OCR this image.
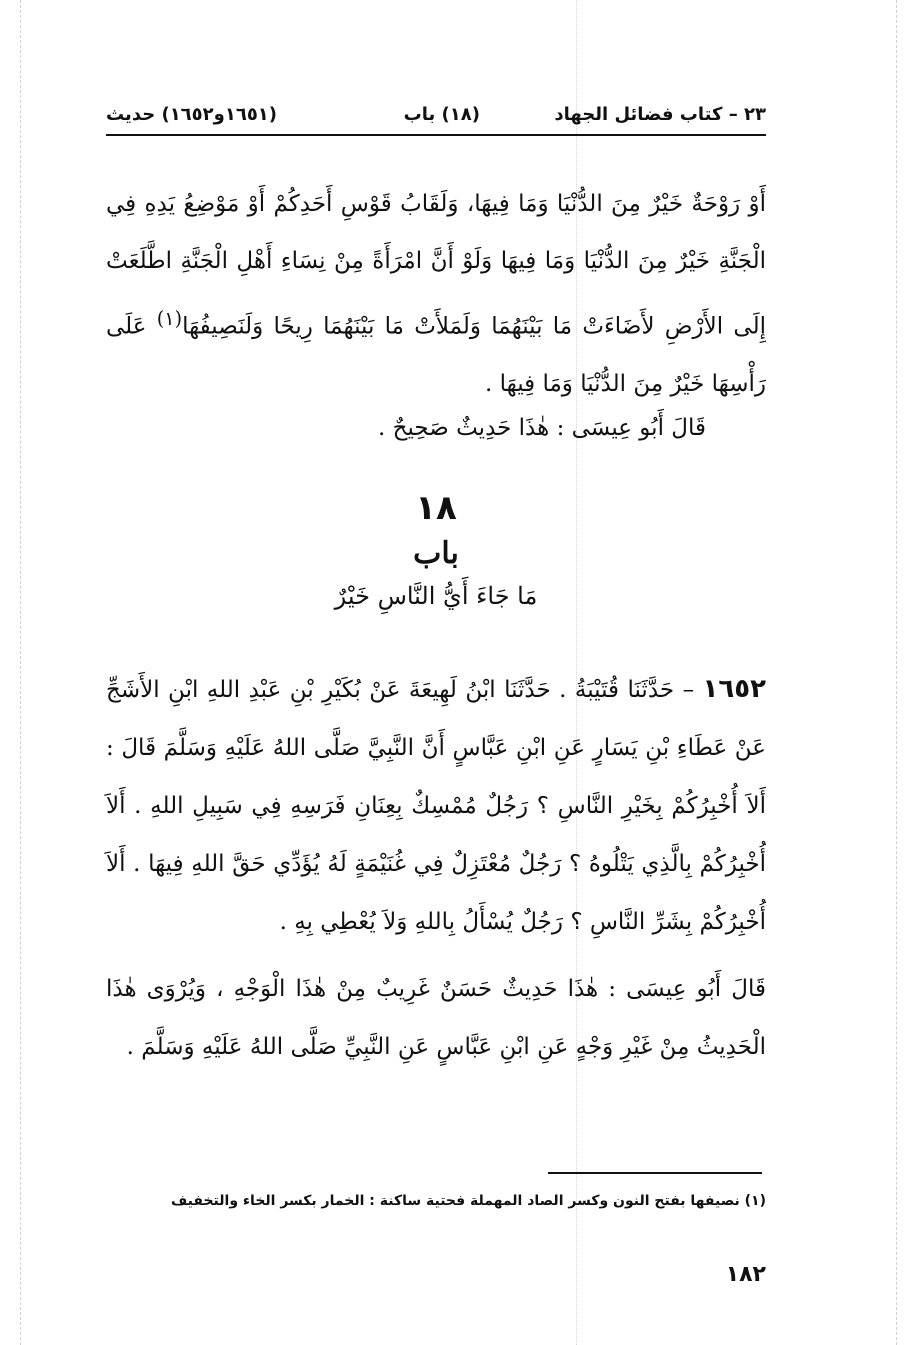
٢٣ – كتاب فضائل الجهاد
(١٨) باب
(١٦٥١و١٦٥٢) حديث
أَوْ رَوْحَةٌ خَيْرٌ مِنَ الدُّنْيَا وَمَا فِيهَا، وَلَقَابُ قَوْسِ أَحَدِكُمْ أَوْ مَوْضِعُ يَدِهِ فِي الْجَنَّةِ خَيْرٌ مِنَ الدُّنْيَا وَمَا فِيهَا وَلَوْ أَنَّ امْرَأَةً مِنْ نِسَاءِ أَهْلِ الْجَنَّةِ اطَّلَعَتْ إِلَى الأَرْضِ لأَضَاءَتْ مَا بَيْنَهُمَا وَلَمَلأَتْ مَا بَيْنَهُمَا رِيحًا وَلَنَصِيفُهَا$^{(١)}$ عَلَى رَأْسِهَا خَيْرٌ مِنَ الدُّنْيَا وَمَا فِيهَا .
قَالَ أَبُو عِيسَى : هٰذَا حَدِيثٌ صَحِيحٌ .
١٨
باب
مَا جَاءَ أَيُّ النَّاسِ خَيْرٌ
١٦٥٢ – حَدَّثَنَا قُتَيْبَةُ . حَدَّثَنَا ابْنُ لَهِيعَةَ عَنْ بُكَيْرِ بْنِ عَبْدِ اللهِ ابْنِ الأَشَجِّ عَنْ عَطَاءِ بْنِ يَسَارٍ عَنِ ابْنِ عَبَّاسٍ أَنَّ النَّبِيَّ صَلَّى اللهُ عَلَيْهِ وَسَلَّمَ قَالَ : أَلاَ أُخْبِرُكُمْ بِخَيْرِ النَّاسِ ؟ رَجُلٌ مُمْسِكٌ بِعِنَانِ فَرَسِهِ فِي سَبِيلِ اللهِ . أَلاَ أُخْبِرُكُمْ بِالَّذِي يَتْلُوهُ ؟ رَجُلٌ مُعْتَزِلٌ فِي غُنَيْمَةٍ لَهُ يُؤَدِّي حَقَّ اللهِ فِيهَا . أَلاَ أُخْبِرُكُمْ بِشَرِّ النَّاسِ ؟ رَجُلٌ يُسْأَلُ بِاللهِ وَلاَ يُعْطِي بِهِ .
قَالَ أَبُو عِيسَى : هٰذَا حَدِيثٌ حَسَنٌ غَرِيبٌ مِنْ هٰذَا الْوَجْهِ ، وَيُرْوَى هٰذَا الْحَدِيثُ مِنْ غَيْرِ وَجْهٍ عَنِ ابْنِ عَبَّاسٍ عَنِ النَّبِيِّ صَلَّى اللهُ عَلَيْهِ وَسَلَّمَ .
(١) نصيفها بفتح النون وكسر الصاد المهملة فحتية ساكنة : الخمار بكسر الخاء والتخفيف
١٨٢
